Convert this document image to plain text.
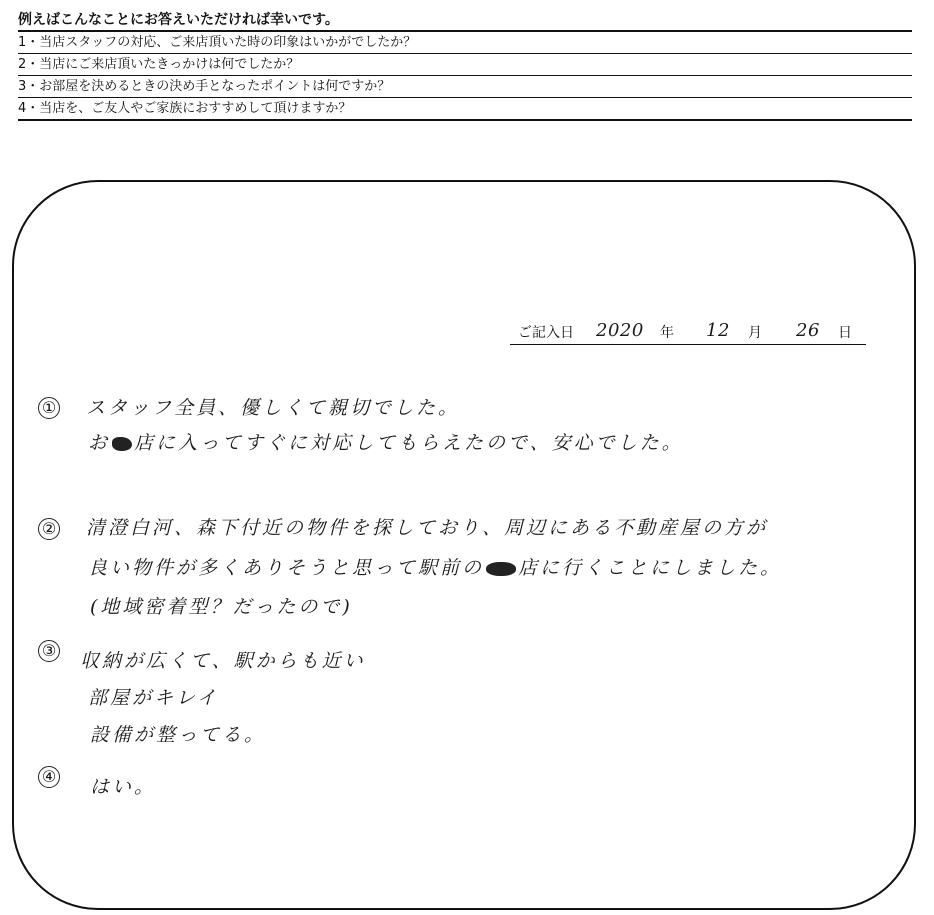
例えばこんなことにお答えいただければ幸いです。
1・当店スタッフの対応、ご来店頂いた時の印象はいかがでしたか？
2・当店にご来店頂いたきっかけは何でしたか？
3・お部屋を決めるときの決め手となったポイントは何ですか？
4・当店を、ご友人やご家族におすすめして頂けますか？
ご記入日 2020 年 12 月 26 日
① スタッフ全員、優しくて親切でした。
お 店に入ってすぐに対応してもらえたので、安心でした。
② 清澄白河、森下付近の物件を探しており、周辺にある不動産屋の方が
良い物件が多くありそうと思って駅前の 店に行くことにしました。
(地域密着型？だったので)
③ 収納が広くて、駅からも近い
部屋がキレイ
設備が整ってる。
④ はい。
